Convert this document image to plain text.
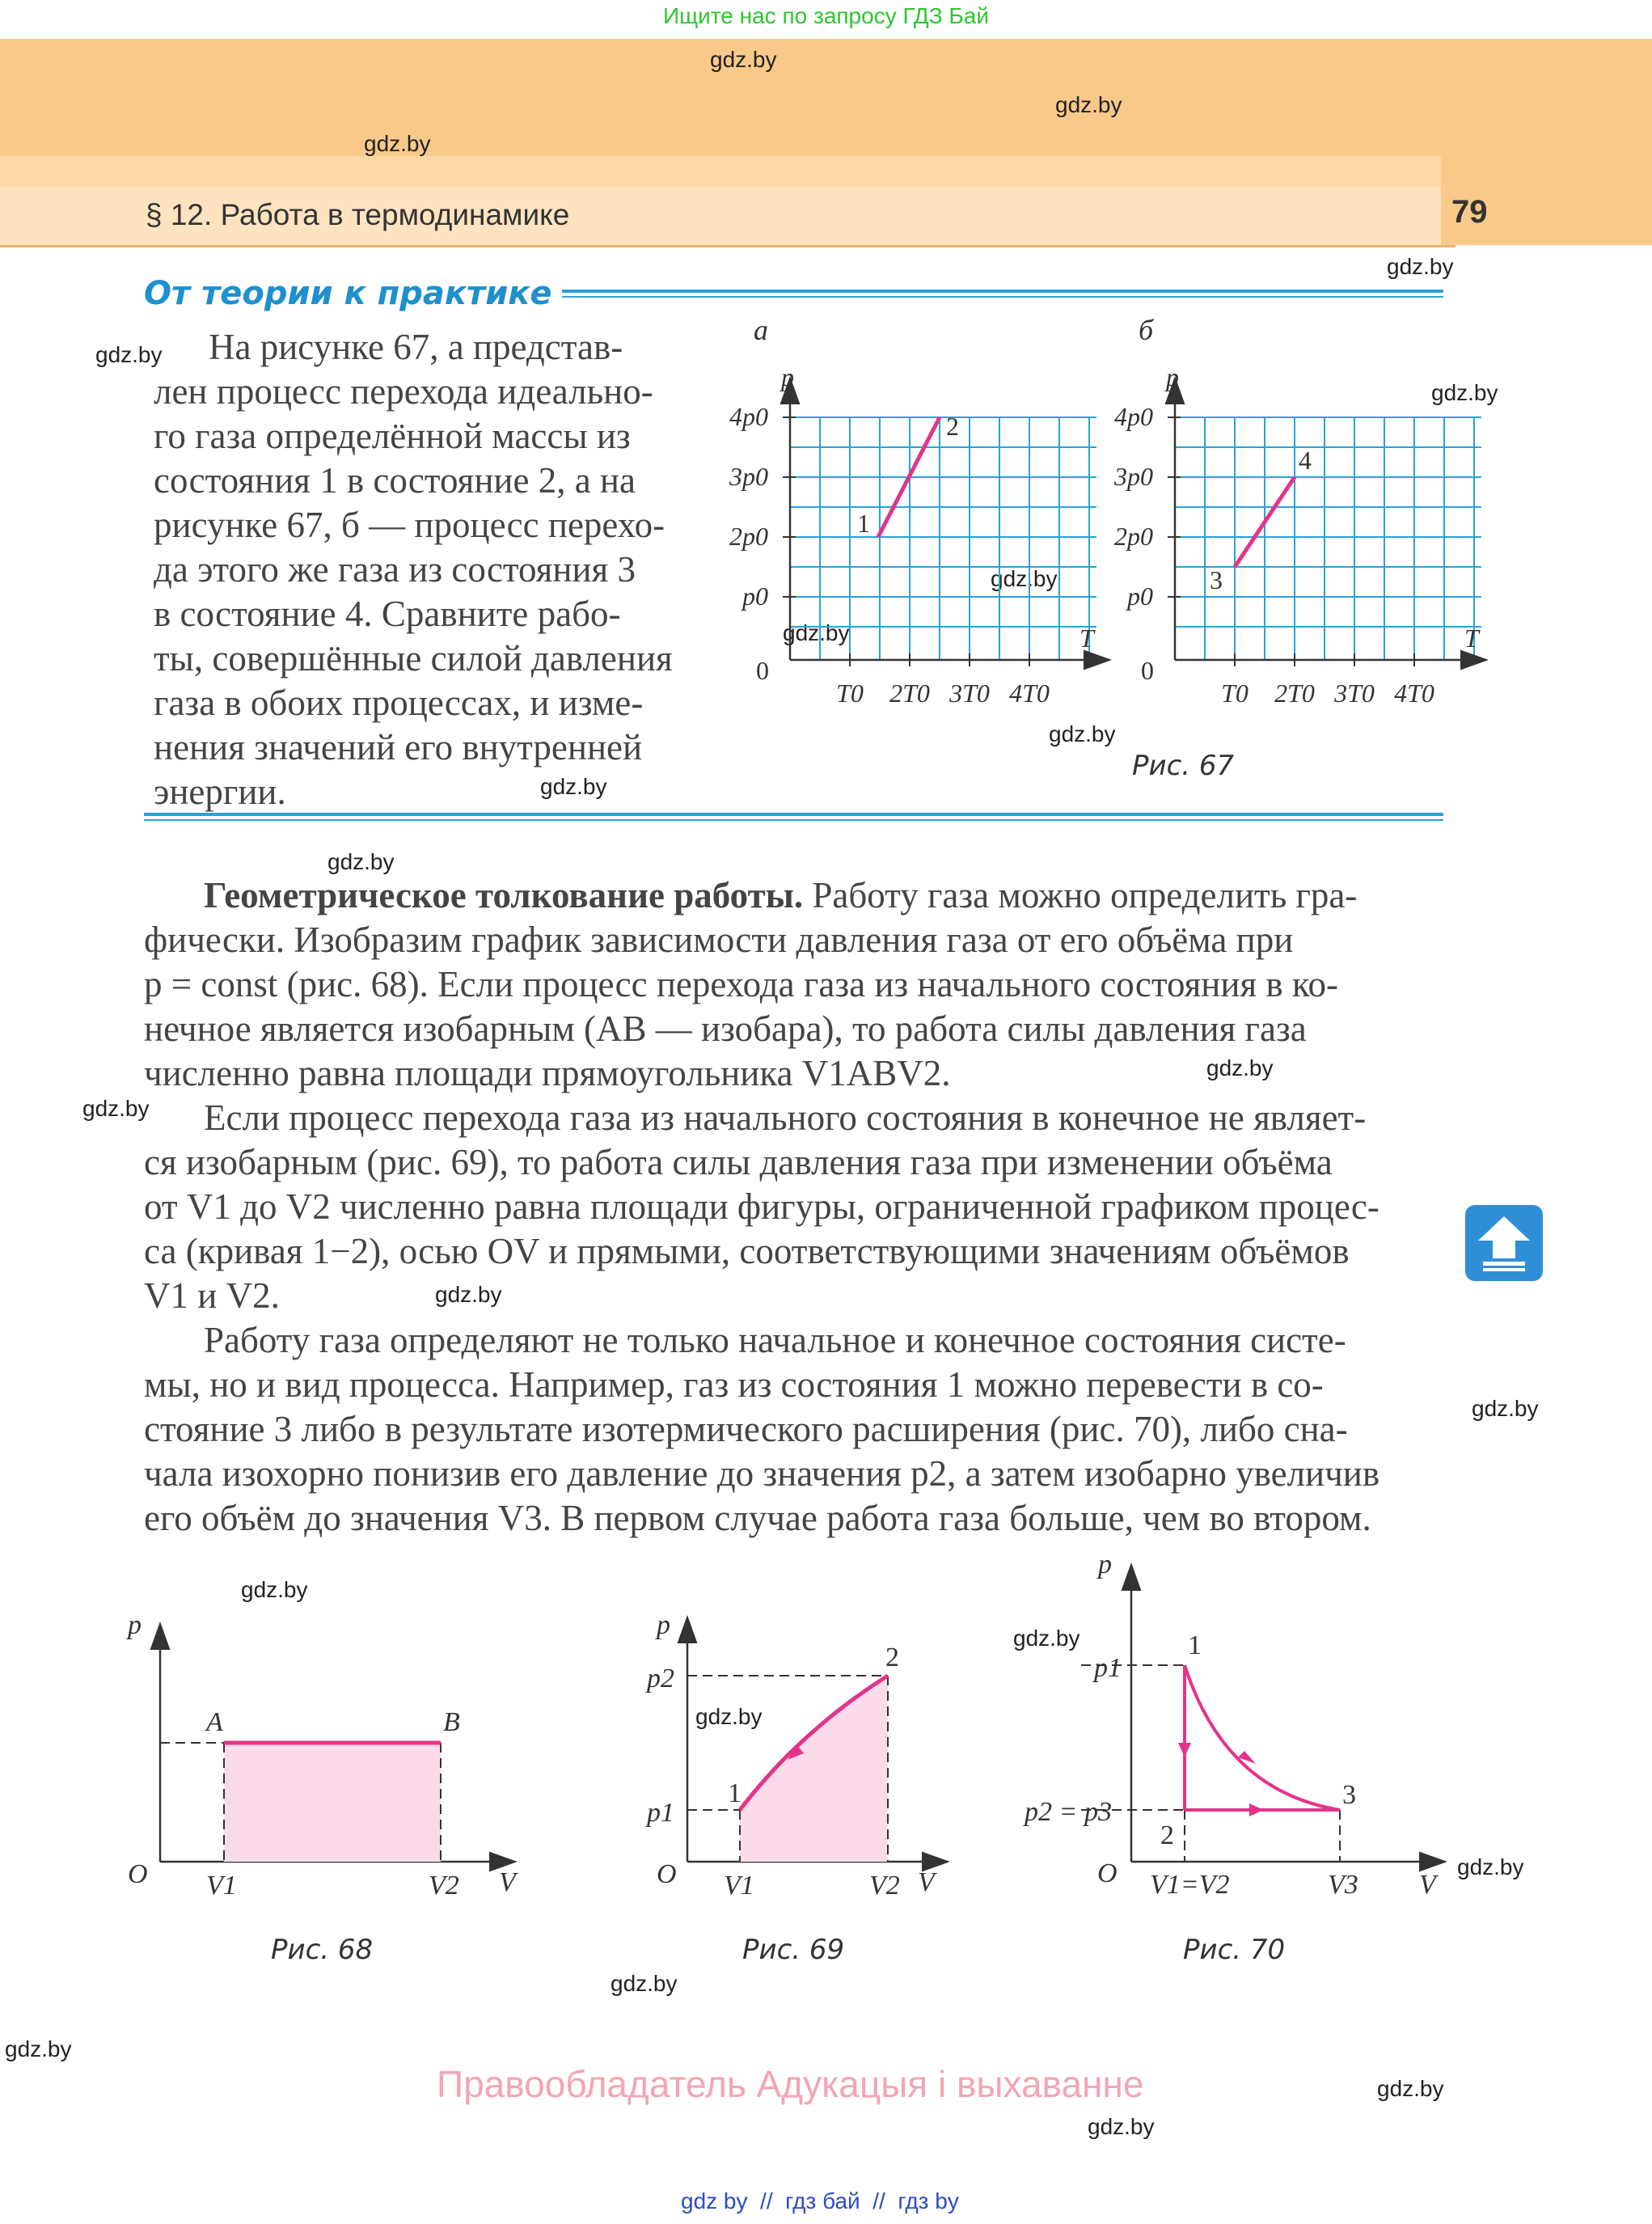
Ищите нас по запросу ГДЗ Бай
§ 12. Работа в термодинамике	79
gdz.by
gdz.by
gdz.by
gdz.by
gdz.by
gdz.by
gdz.by
gdz.by
gdz.by
gdz.by
gdz.by
gdz.by
gdz.by
gdz.by
gdz.by
gdz.by
gdz.by
gdz.by
gdz.by
gdz.by
gdz.by
gdz.by
gdz.by
От теории к практике
На рисунке 67, а представ-
лен процесс перехода идеально-
го газа определённой массы из
состояния 1 в состояние 2, а на
рисунке 67, б — процесс перехо-
да этого же газа из состояния 3
в состояние 4. Сравните рабо-
ты, совершённые силой давления
газа в обоих процессах, и изме-
нения значений его внутренней
энергии.
а
p
T
0
p0
2p0
3p0
4p0
T0 2T0 3T0 4T0
1
2
б
p
T
0
p0
2p0
3p0
4p0
T0 2T0 3T0 4T0
3
4
Рис. 67
Геометрическое толкование работы. Работу газа можно определить гра-
фически. Изобразим график зависимости давления газа от его объёма при
p = const (рис. 68). Если процесс перехода газа из начального состояния в ко-
нечное является изобарным (AB — изобара), то работа силы давления газа
численно равна площади прямоугольника V1ABV2.
Если процесс перехода газа из начального состояния в конечное не являет-
ся изобарным (рис. 69), то работа силы давления газа при изменении объёма
от V1 до V2 численно равна площади фигуры, ограниченной графиком процес-
са (кривая 1−2), осью OV и прямыми, соответствующими значениям объёмов
V1 и V2.
Работу газа определяют не только начальное и конечное состояния систе-
мы, но и вид процесса. Например, газ из состояния 1 можно перевести в со-
стояние 3 либо в результате изотермического расширения (рис. 70), либо сна-
чала изохорно понизив его давление до значения p2, а затем изобарно увеличив
его объём до значения V3. В первом случае работа газа больше, чем во втором.
p
O	V
V1	V2
A	B
Рис. 68
p
O	V
V1	V2
p2
p1
1
2
Рис. 69
p
O	V
V1=V2	V3
p1
p2 = p3
1
2
3
Рис. 70
Правообладатель Адукацыя і выхаванне
gdz by  //  гдз бай  //  гдз by
